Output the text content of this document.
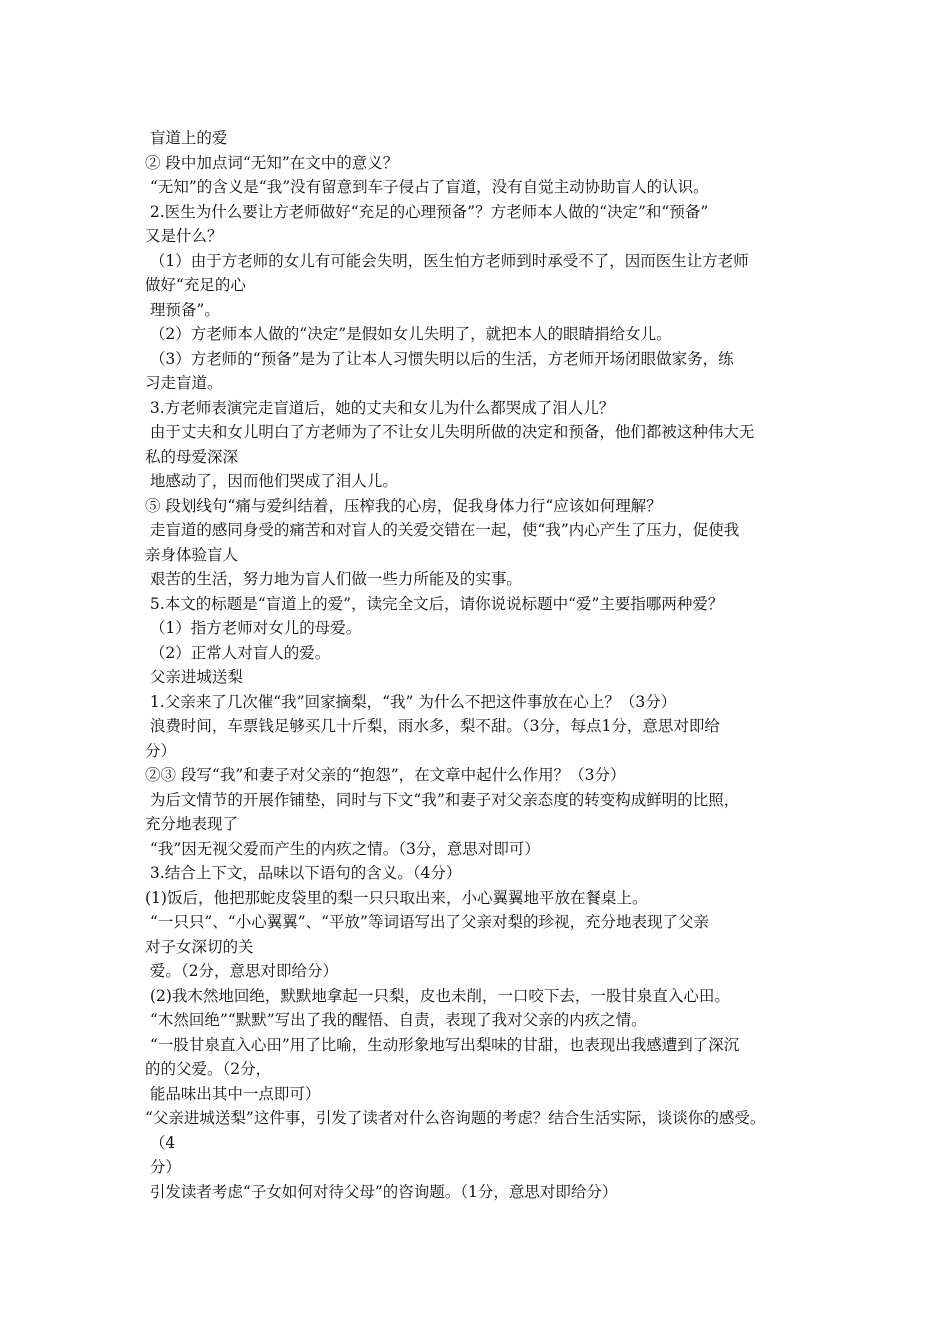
盲道上的爱
② 段中加点词“无知”在文中的意义？
“无知”的含义是“我”没有留意到车子侵占了盲道，没有自觉主动协助盲人的认识。
2.医生为什么要让方老师做好“充足的心理预备”？方老师本人做的“决定”和“预备”
又是什么？
（1）由于方老师的女儿有可能会失明，医生怕方老师到时承受不了，因而医生让方老师
做好“充足的心
理预备”。
（2）方老师本人做的“决定”是假如女儿失明了，就把本人的眼睛捐给女儿。
（3）方老师的“预备”是为了让本人习惯失明以后的生活，方老师开场闭眼做家务，练
习走盲道。
3.方老师表演完走盲道后，她的丈夫和女儿为什么都哭成了泪人儿？
由于丈夫和女儿明白了方老师为了不让女儿失明所做的决定和预备，他们都被这种伟大无
私的母爱深深
地感动了，因而他们哭成了泪人儿。
⑤ 段划线句“痛与爱纠结着，压榨我的心房，促我身体力行“应该如何理解？
走盲道的感同身受的痛苦和对盲人的关爱交错在一起，使“我”内心产生了压力，促使我
亲身体验盲人
艰苦的生活，努力地为盲人们做一些力所能及的实事。
5.本文的标题是“盲道上的爱”，读完全文后，请你说说标题中“爱”主要指哪两种爱？
（1）指方老师对女儿的母爱。
（2）正常人对盲人的爱。
父亲进城送梨
1.父亲来了几次催“我”回家摘梨，“我” 为什么不把这件事放在心上？（3分）
浪费时间，车票钱足够买几十斤梨，雨水多，梨不甜。（3分，每点1分，意思对即给
分）
②③ 段写“我”和妻子对父亲的“抱怨”，在文章中起什么作用？（3分）
为后文情节的开展作铺垫，同时与下文“我”和妻子对父亲态度的转变构成鲜明的比照，
充分地表现了
“我”因无视父爱而产生的内疚之情。（3分，意思对即可）
3.结合上下文，品味以下语句的含义。（4分）
(1)饭后，他把那蛇皮袋里的梨一只只取出来，小心翼翼地平放在餐桌上。
“一只只”、“小心翼翼”、“平放”等词语写出了父亲对梨的珍视，充分地表现了父亲
对子女深切的关
爱。（2分，意思对即给分）
(2)我木然地回绝，默默地拿起一只梨，皮也未削，一口咬下去，一股甘泉直入心田。
“木然回绝”“默默”写出了我的醒悟、自责，表现了我对父亲的内疚之情。
“一股甘泉直入心田”用了比喻，生动形象地写出梨味的甘甜，也表现出我感遭到了深沉
的的父爱。（2分，
能品味出其中一点即可）
“父亲进城送梨”这件事，引发了读者对什么咨询题的考虑？结合生活实际，谈谈你的感受。
（4
分）
引发读者考虑“子女如何对待父母”的咨询题。（1分，意思对即给分）
